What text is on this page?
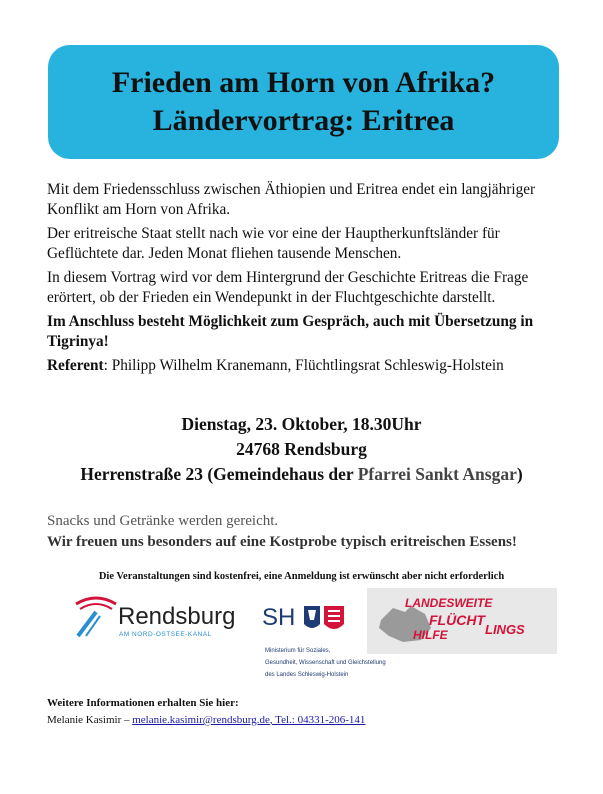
Frieden am Horn von Afrika?
Ländervortrag: Eritrea

Mit dem Friedensschluss zwischen Äthiopien und Eritrea endet ein langjähriger Konflikt am Horn von Afrika.

Der eritreische Staat stellt nach wie vor eine der Hauptherkunftsländer für Geflüchtete dar. Jeden Monat fliehen tausende Menschen.

In diesem Vortrag wird vor dem Hintergrund der Geschichte Eritreas die Frage erörtert, ob der Frieden ein Wendepunkt in der Fluchtgeschichte darstellt.

Im Anschluss besteht Möglichkeit zum Gespräch, auch mit Übersetzung in Tigrinya!

Referent: Philipp Wilhelm Kranemann, Flüchtlingsrat Schleswig-Holstein

Dienstag, 23. Oktober, 18.30Uhr
24768 Rendsburg
Herrenstraße 23 (Gemeindehaus der Pfarrei Sankt Ansgar)
Snacks und Getränke werden gereicht.
Wir freuen uns besonders auf eine Kostprobe typisch eritreischen Essens!
Die Veranstaltungen sind kostenfrei, eine Anmeldung ist erwünscht aber nicht erforderlich
Rendsburg
AM NORD-OSTSEE-KANAL
SH
Ministerium für Soziales,
Gesundheit, Wissenschaft und Gleichstellung
des Landes Schleswig-Holstein
LANDESWEITE
FLÜCHT
LINGS
HILFE
Weitere Informationen erhalten Sie hier:
Melanie Kasimir – melanie.kasimir@rendsburg.de, Tel.: 04331-206-141
